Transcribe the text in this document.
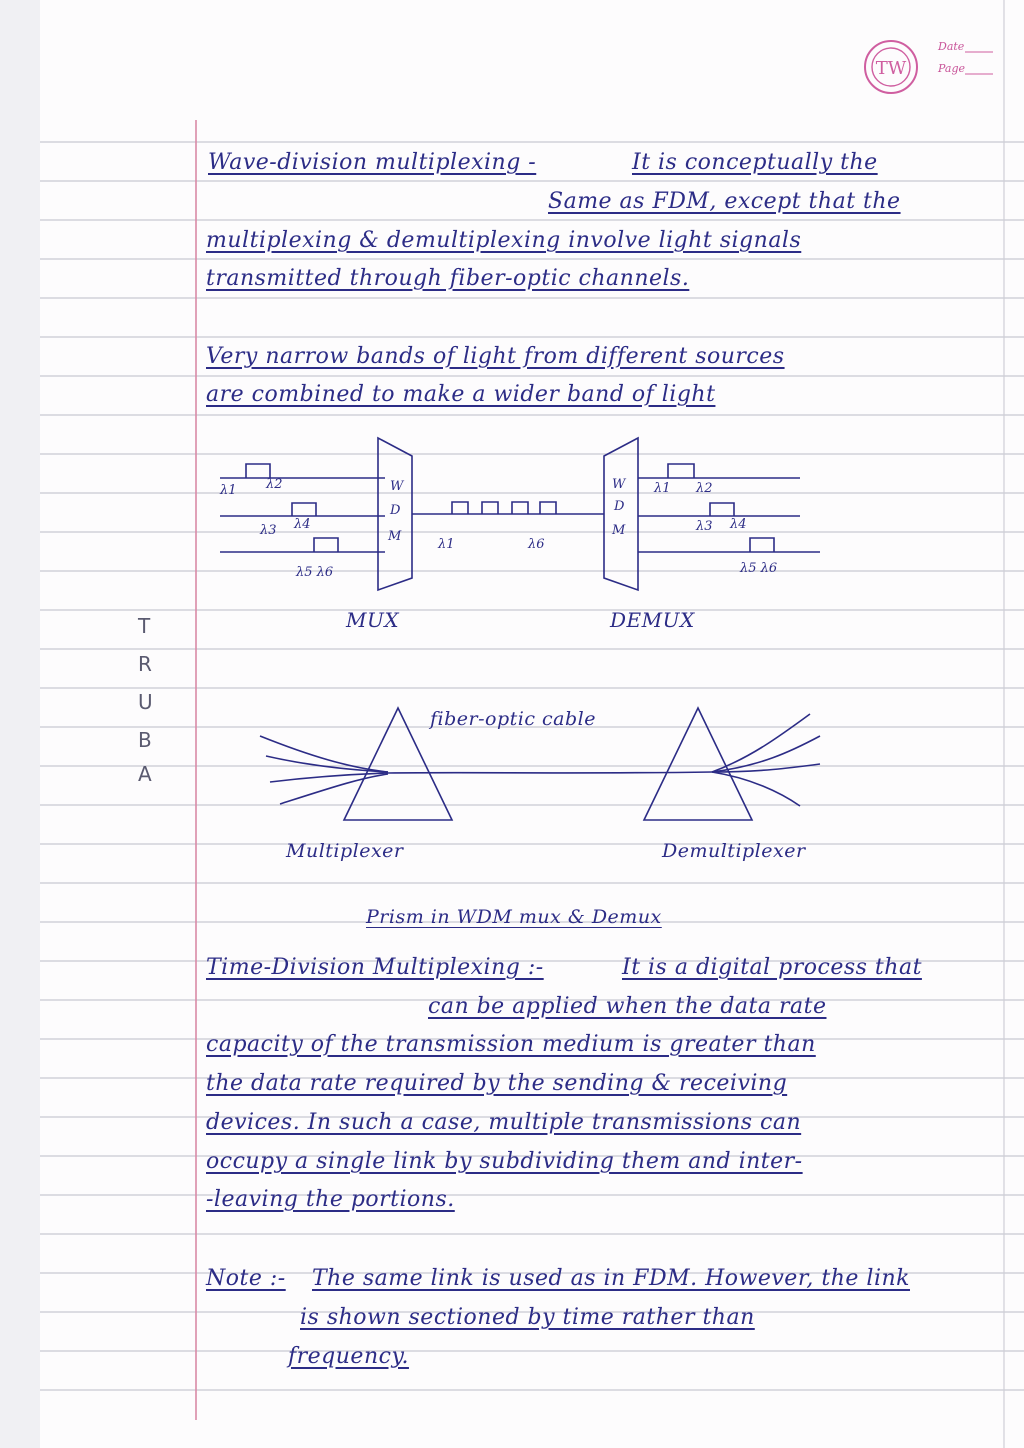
TW
Date
Page
T
R
U
B
A
Wave-division multiplexing -	It is conceptually the
Same as FDM, except that the
multiplexing & demultiplexing involve light signals
transmitted through fiber-optic channels.
Very narrow bands of light from different sources
are combined to make a wider band of light
W
D
M
W
D
M
λ1 λ2
λ3 λ4
λ5 λ6
λ1	λ6
λ1 λ2
λ3 λ4
λ5 λ6
MUX	DEMUX
fiber-optic cable
Multiplexer	Demultiplexer
Prism in WDM mux & Demux
Time-Division Multiplexing :-	It is a digital process that
can be applied when the data rate
capacity of the transmission medium is greater than
the data rate required by the sending & receiving
devices. In such a case, multiple transmissions can
occupy a single link by subdividing them and inter-
-leaving the portions.
Note :- The same link is used as in FDM. However, the link
is shown sectioned by time rather than
frequency.
